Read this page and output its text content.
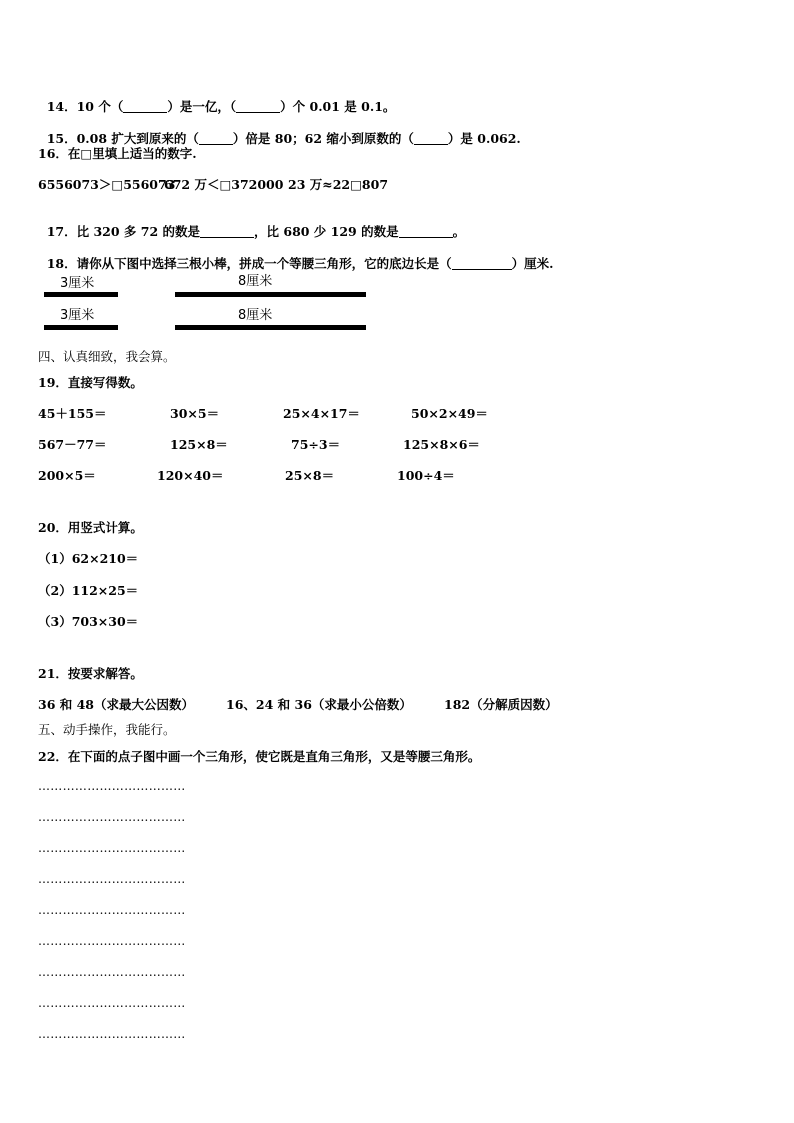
14．10 个（	）是一亿，（	）个 0.01 是 0.1。

15．0.08 扩大到原来的（	）倍是 80；62 缩小到原数的（	）是 0.062.

16．在□里填上适当的数字.
6556073＞□556073
672 万＜□372000 23 万≈22□807

17．比 320 多 72 的数是	，比 680 少 129 的数是	。

18．请你从下图中选择三根小棒，拼成一个等腰三角形，它的底边长是（	）厘米.

3厘米	8厘米
3厘米	8厘米
四、认真细致，我会算。
19．直接写得数。
45＋155＝	30×5＝	25×4×17＝	50×2×49＝
567－77＝	125×8＝	75÷3＝	125×8×6＝
200×5＝	120×40＝	25×8＝	100÷4＝
20．用竖式计算。
（1）62×210＝
（2）112×25＝
（3）703×30＝
21．按要求解答。
36 和 48（求最大公因数）	16、24 和 36（求最小公倍数）	182（分解质因数）
五、动手操作，我能行。
22．在下面的点子图中画一个三角形，使它既是直角三角形，又是等腰三角形。
………………………………
………………………………
………………………………
………………………………
………………………………
………………………………
………………………………
………………………………
………………………………
